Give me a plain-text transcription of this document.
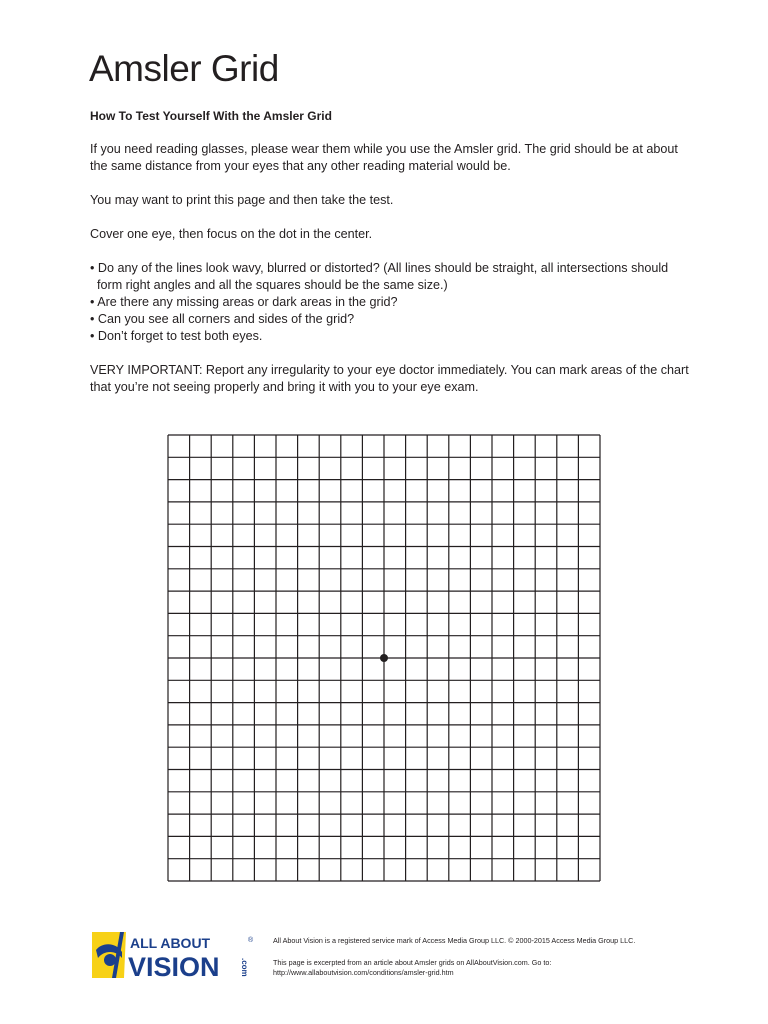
Amsler Grid
How To Test Yourself With the Amsler Grid

If you need reading glasses, please wear them while you use the Amsler grid. The grid should be at about the same distance from your eyes that any other reading material would be.

You may want to print this page and then take the test.

Cover one eye, then focus on the dot in the center.

• Do any of the lines look wavy, blurred or distorted? (All lines should be straight, all intersections should form right angles and all the squares should be the same size.)
• Are there any missing areas or dark areas in the grid?
• Can you see all corners and sides of the grid?
• Don’t forget to test both eyes.

VERY IMPORTANT: Report any irregularity to your eye doctor immediately. You can mark areas of the chart that you’re not seeing properly and bring it with you to your eye exam.

ALL ABOUT
VISION	.com
®	All About Vision is a registered service mark of Access Media Group LLC. © 2000-2015 Access Media Group LLC.
This page is excerpted from an article about Amsler grids on AllAboutVision.com. Go to:
http://www.allaboutvision.com/conditions/amsler-grid.htm
